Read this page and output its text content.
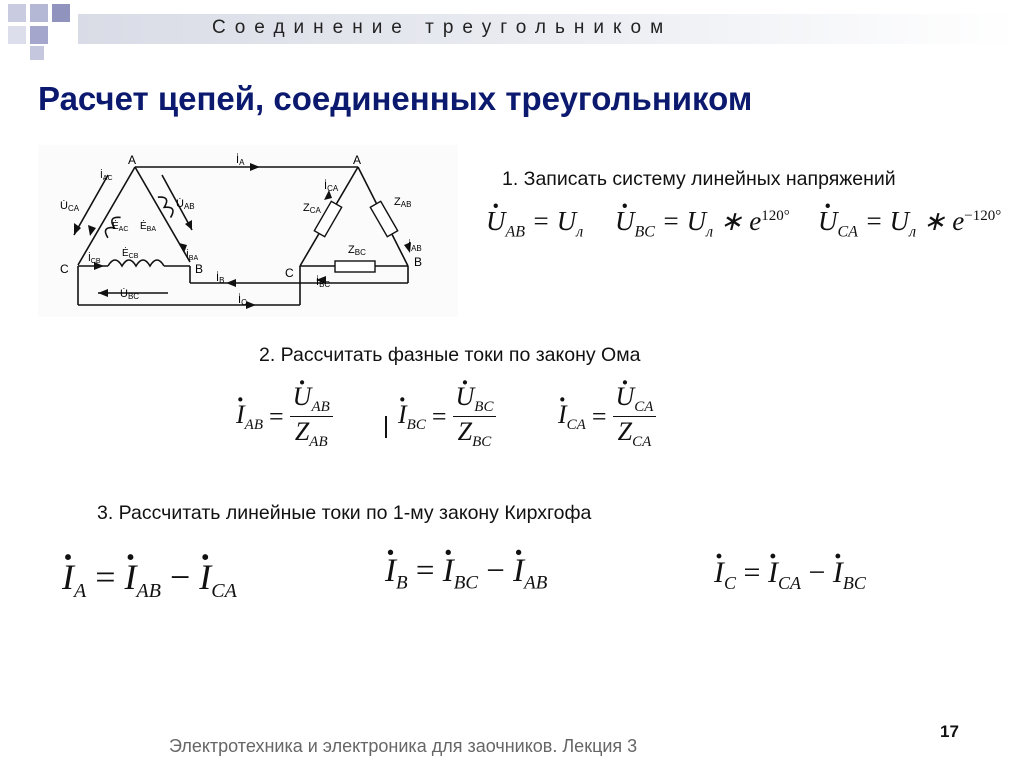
Соединение треугольником
Расчет цепей, соединенных треугольником
A	A
B	B
C	C
İA
İB
İC
$İ_{AC}$
$İ_{BA}$
$İ_{CB}$
U̇CA	U̇AB
U̇BC
$Ė_{AC}$ $Ė_{BA}$
$Ė_{CB}$
İCA
İAB
İBC
ZCA
ZAB
ZBC
1. Записать систему линейных напряжений
· $U_{AB} = U_л$
· $U_{BC} = U_л$ ∗ $e^{120^\circ}$
· $U_{CA} = U_л$ ∗ $e^{-120^\circ}$
2. Рассчитать фазные токи по закону Ома
· $I_{AB}$ =
· $U_{AB}$
$Z_{AB}$
· $I_{BC}$ =
· $U_{BC}$
$Z_{BC}$
· $I_{CA}$ =
· $U_{CA}$
$Z_{CA}$
3. Рассчитать линейные токи по 1-му закону Кирхгофа
· $I_A$ = · $I_{AB}$ − · $I_{CA}$
· $I_B$ = · $I_{BC}$ − · $I_{AB}$
·	$I_C$ = · $I_{CA}$ − · $I_{BC}$
17
Электротехника и электроника для заочников. Лекция 3
